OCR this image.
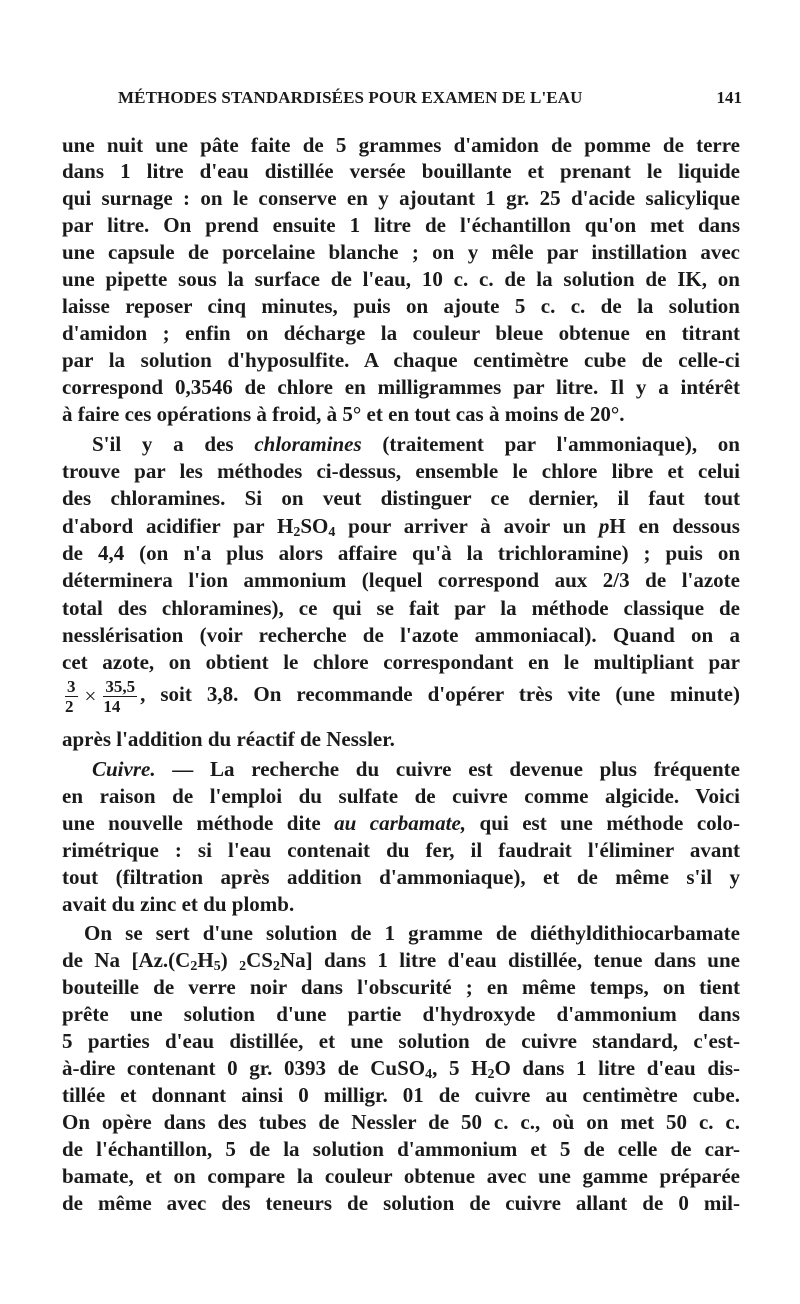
MÉTHODES STANDARDISÉES POUR EXAMEN DE L'EAU	141
une nuit une pâte faite de 5 grammes d'amidon de pomme de terre
dans 1 litre d'eau distillée versée bouillante et prenant le liquide
qui surnage : on le conserve en y ajoutant 1 gr. 25 d'acide salicylique
par litre. On prend ensuite 1 litre de l'échantillon qu'on met dans
une capsule de porcelaine blanche ; on y mêle par instillation avec
une pipette sous la surface de l'eau, 10 c. c. de la solution de IK, on
laisse reposer cinq minutes, puis on ajoute 5 c. c. de la solution
d'amidon ; enfin on décharge la couleur bleue obtenue en titrant
par la solution d'hyposulfite. A chaque centimètre cube de celle-ci
correspond 0,3546 de chlore en milligrammes par litre. Il y a intérêt
à faire ces opérations à froid, à 5° et en tout cas à moins de 20°.
S'il y a des chloramines (traitement par l'ammoniaque), on
trouve par les méthodes ci-dessus, ensemble le chlore libre et celui
des chloramines. Si on veut distinguer ce dernier, il faut tout
d'abord acidifier par $H_2SO_4$ pour arriver à avoir un pH en dessous
de 4,4 (on n'a plus alors affaire qu'à la trichloramine) ; puis on
déterminera l'ion ammonium (lequel correspond aux 2/3 de l'azote
total des chloramines), ce qui se fait par la méthode classique de
nesslérisation (voir recherche de l'azote ammoniacal). Quand on a
cet azote, on obtient le chlore correspondant en le multipliant par
$\frac{3}{2} \times \frac{35,5}{14}$ , soit 3,8. On recommande d'opérer très vite (une minute)
après l'addition du réactif de Nessler.
Cuivre. — La recherche du cuivre est devenue plus fréquente
en raison de l'emploi du sulfate de cuivre comme algicide. Voici
une nouvelle méthode dite au carbamate, qui est une méthode colo-
rimétrique : si l'eau contenait du fer, il faudrait l'éliminer avant
tout (filtration après addition d'ammoniaque), et de même s'il y
avait du zinc et du plomb.
On se sert d'une solution de 1 gramme de diéthyldithiocarbamate
de Na [$Az.(C_2H_5)$ $_2CS_2Na$] dans 1 litre d'eau distillée, tenue dans une
bouteille de verre noir dans l'obscurité ; en même temps, on tient
prête une solution d'une partie d'hydroxyde d'ammonium dans
5 parties d'eau distillée, et une solution de cuivre standard, c'est-
à-dire contenant 0 gr. 0393 de CuSO$_4$, 5 $H_2O$ dans 1 litre d'eau dis-
tillée et donnant ainsi 0 milligr. 01 de cuivre au centimètre cube.
On opère dans des tubes de Nessler de 50 c. c., où on met 50 c. c.
de l'échantillon, 5 de la solution d'ammonium et 5 de celle de car-
bamate, et on compare la couleur obtenue avec une gamme préparée
de même avec des teneurs de solution de cuivre allant de 0 mil-
